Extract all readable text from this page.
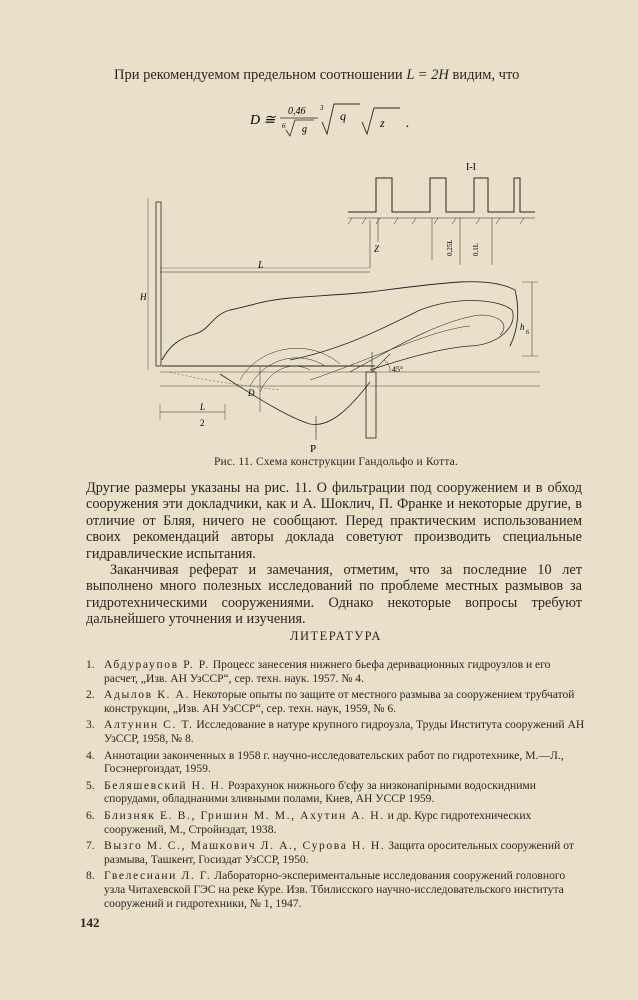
При рекомендуемом предельном соотношении L = 2H видим, что
D ≅
0,46
6 g
3
q	z .
I-I
L
H
Z
D
h
б
45°
L
2
P
0,25L	0,1L
Рис. 11. Схема конструкции Гандольфо и Котта.

Другие размеры указаны на рис. 11. О фильтрации под сооружением и в обход сооружения эти докладчики, как и А. Шоклич, П. Франке и некоторые другие, в отличие от Бляя, ничего не сообщают. Перед практическим использованием своих рекомендаций авторы доклада советуют производить специальные гидравлические испытания.

Заканчивая реферат и замечания, отметим, что за последние 10 лет выполнено много полезных исследований по проблеме местных размывов за гидротехническими сооружениями. Однако некоторые вопросы требуют дальнейшего уточнения и изучения.

ЛИТЕРАТУРА
1. Абдураупов Р. Р. Процесс занесения нижнего бьефа деривационных гидроузлов и его расчет, „Изв. АН УзССР“, сер. техн. наук. 1957. № 4.
2. Адылов К. А. Некоторые опыты по защите от местного размыва за сооружением трубчатой конструкции, „Изв. АН УзССР“, сер. техн. наук, 1959, № 6.
3. Алтунин С. Т. Исследование в натуре крупного гидроузла, Труды Института сооружений АН УзССР, 1958, № 8.
4. Аннотации законченных в 1958 г. научно-исследовательских работ по гидротехнике, М.—Л., Госэнергоиздат, 1959.
5. Беляшевский Н. Н. Розрахунок нижнього б'єфу за низконапірными водоскидними спорудами, обладнаними зливными полами, Киев, АН УССР 1959.
6. Близняк Е. В., Гришин М. М., Ахутин А. Н. и др. Курс гидротехнических сооружений, М., Стройиздат, 1938.
7. Вызго М. С., Машкович Л. А., Сурова Н. Н. Защита оросительных сооружений от размыва, Ташкент, Госиздат УзССР, 1950.
8. Гвелесиани Л. Г. Лабораторно-экспериментальные исследования сооружений головного узла Читахевской ГЭС на реке Куре. Изв. Тбилисского научно-исследовательского института сооружений и гидротехники, № 1, 1947.
142
